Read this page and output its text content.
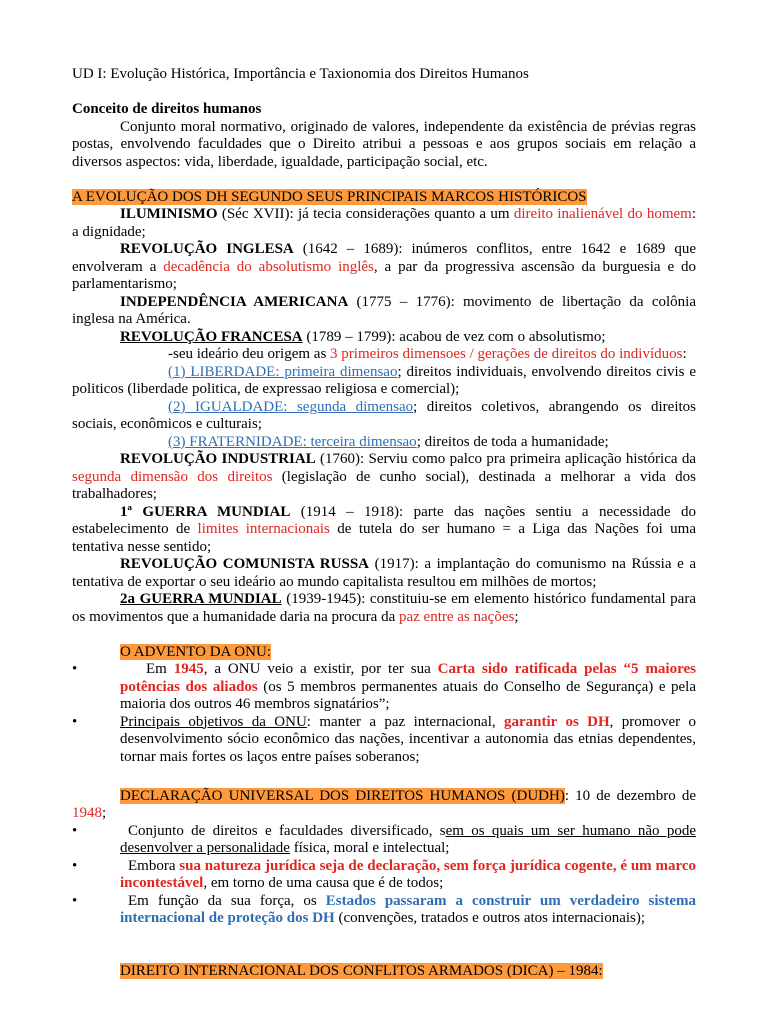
UD I: Evolução Histórica, Importância e Taxionomia dos Direitos Humanos

Conceito de direitos humanos

Conjunto moral normativo, originado de valores, independente da existência de prévias regras postas, envolvendo faculdades que o Direito atribui a pessoas e aos grupos sociais em relação a diversos aspectos: vida, liberdade, igualdade, participação social, etc.

A EVOLUÇÃO DOS DH SEGUNDO SEUS PRINCIPAIS MARCOS HISTÓRICOS

ILUMINISMO (Séc XVII): já tecia considerações quanto a um direito inalienável do homem: a dignidade;

REVOLUÇÃO INGLESA (1642 – 1689): inúmeros conflitos, entre 1642 e 1689 que envolveram a decadência do absolutismo inglês, a par da progressiva ascensão da burguesia e do parlamentarismo;

INDEPENDÊNCIA AMERICANA (1775 – 1776): movimento de libertação da colônia inglesa na América.

REVOLUÇÃO FRANCESA (1789 – 1799): acabou de vez com o absolutismo;

-seu ideário deu origem as 3 primeiros dimensoes / gerações de direitos do indivíduos:

(1) LIBERDADE: primeira dimensao; direitos individuais, envolvendo direitos civis e politicos (liberdade politica, de expressao religiosa e comercial);

(2) IGUALDADE: segunda dimensao; direitos coletivos, abrangendo os direitos sociais, econômicos e culturais;

(3) FRATERNIDADE: terceira dimensao; direitos de toda a humanidade;

REVOLUÇÃO INDUSTRIAL (1760): Serviu como palco pra primeira aplicação histórica da segunda dimensão dos direitos (legislação de cunho social), destinada a melhorar a vida dos trabalhadores;

1ª GUERRA MUNDIAL (1914 – 1918): parte das nações sentiu a necessidade do estabelecimento de limites internacionais de tutela do ser humano = a Liga das Nações foi uma tentativa nesse sentido;

REVOLUÇÃO COMUNISTA RUSSA (1917): a implantação do comunismo na Rússia e a tentativa de exportar o seu ideário ao mundo capitalista resultou em milhões de mortos;

2a GUERRA MUNDIAL (1939-1945): constituiu-se em elemento histórico fundamental para os movimentos que a humanidade daria na procura da paz entre as nações;

O ADVENTO DA ONU:

•	Em 1945, a ONU veio a existir, por ter sua Carta sido ratificada pelas “5 maiores potências dos aliados (os 5 membros permanentes atuais do Conselho de Segurança) e pela maioria dos outros 46 membros signatários”;
•	Principais objetivos da ONU: manter a paz internacional, garantir os DH, promover o desenvolvimento sócio econômico das nações, incentivar a autonomia das etnias dependentes, tornar mais fortes os laços entre países soberanos;

DECLARAÇÃO UNIVERSAL DOS DIREITOS HUMANOS (DUDH): 10 de dezembro de 1948;

•	Conjunto de direitos e faculdades diversificado, sem os quais um ser humano não pode desenvolver a personalidade física, moral e intelectual;
•	Embora sua natureza jurídica seja de declaração, sem força jurídica cogente, é um marco incontestável, em torno de uma causa que é de todos;
•	Em função da sua força, os Estados passaram a construir um verdadeiro sistema internacional de proteção dos DH (convenções, tratados e outros atos internacionais);

DIREITO INTERNACIONAL DOS CONFLITOS ARMADOS (DICA) – 1984:
